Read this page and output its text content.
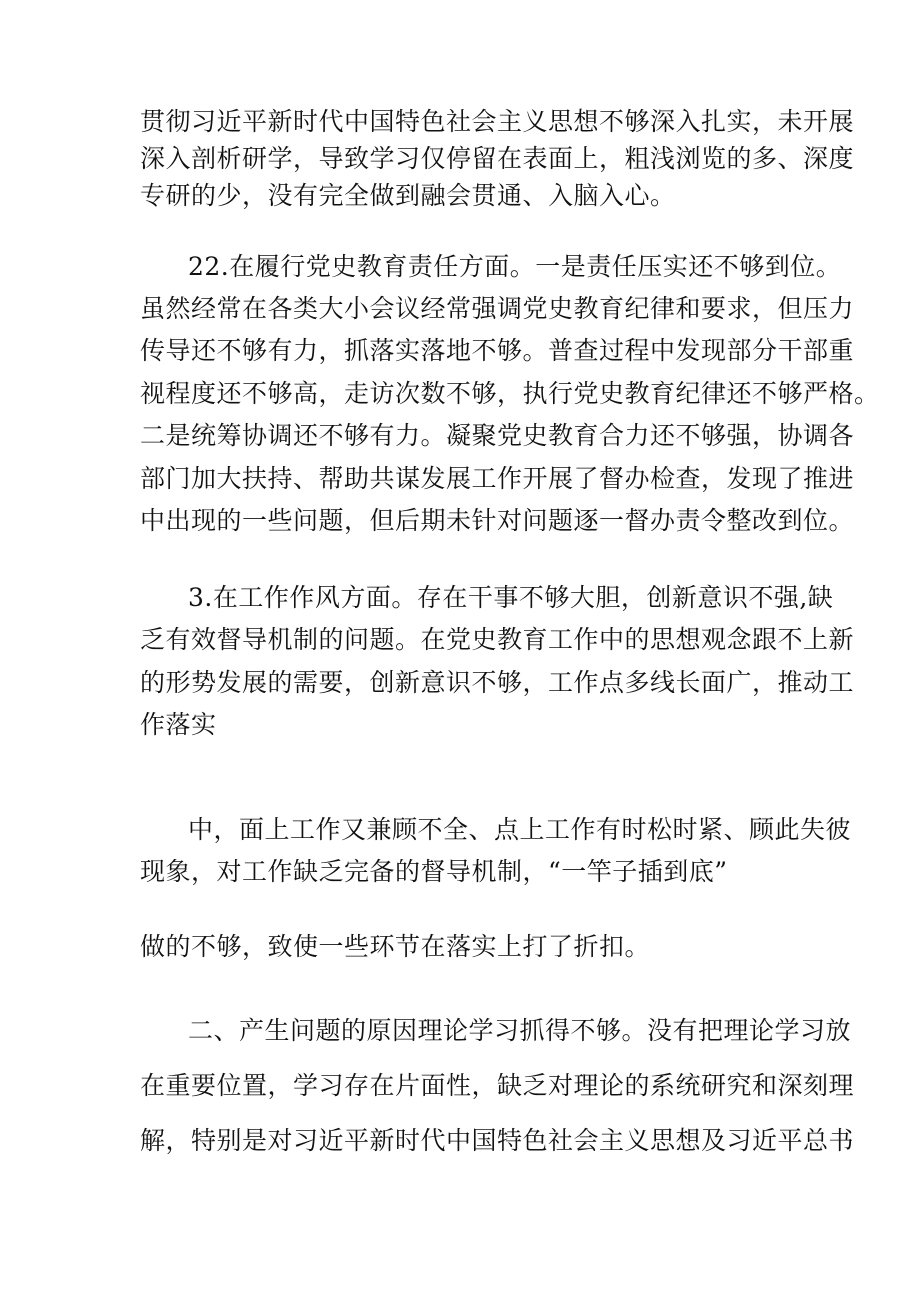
贯彻习近平新时代中国特色社会主义思想不够深入扎实，未开展
深入剖析研学，导致学习仅停留在表面上，粗浅浏览的多、深度
专研的少，没有完全做到融会贯通、入脑入心。
22.在履行党史教育责任方面。一是责任压实还不够到位。
虽然经常在各类大小会议经常强调党史教育纪律和要求，但压力
传导还不够有力，抓落实落地不够。普查过程中发现部分干部重
视程度还不够高，走访次数不够，执行党史教育纪律还不够严格。
二是统筹协调还不够有力。凝聚党史教育合力还不够强，协调各
部门加大扶持、帮助共谋发展工作开展了督办检查，发现了推进
中出现的一些问题，但后期未针对问题逐一督办责令整改到位。
3.在工作作风方面。存在干事不够大胆，创新意识不强,缺
乏有效督导机制的问题。在党史教育工作中的思想观念跟不上新
的形势发展的需要，创新意识不够，工作点多线长面广，推动工
作落实
中，面上工作又兼顾不全、点上工作有时松时紧、顾此失彼
现象，对工作缺乏完备的督导机制，“一竿子插到底”
做的不够，致使一些环节在落实上打了折扣。
二、产生问题的原因理论学习抓得不够。没有把理论学习放
在重要位置，学习存在片面性，缺乏对理论的系统研究和深刻理
解，特别是对习近平新时代中国特色社会主义思想及习近平总书
